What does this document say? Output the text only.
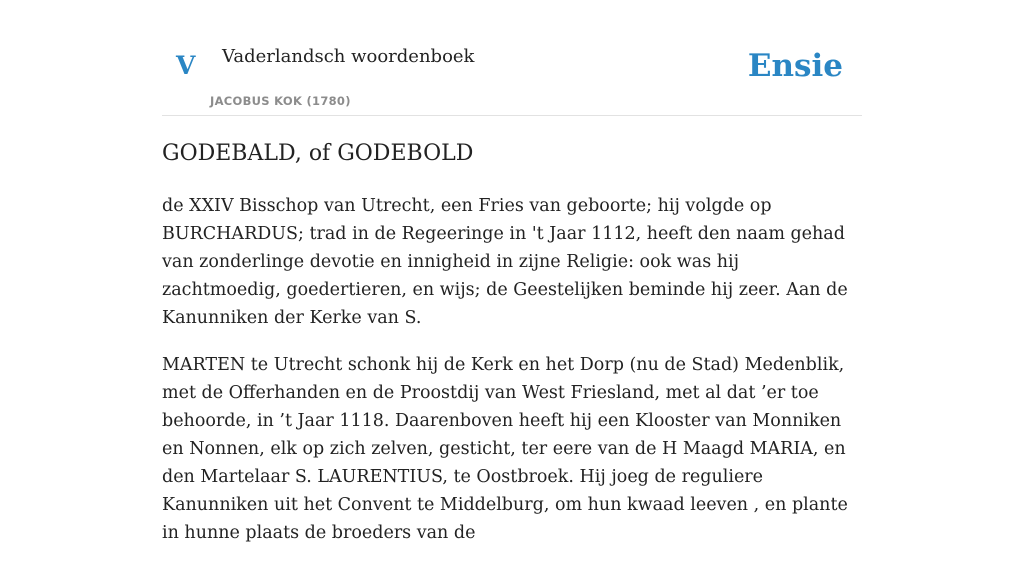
V Vaderlandsch woordenboek
JACOBUS KOK (1780)
Ensie
GODEBALD, of GODEBOLD

de XXIV Bisschop van Utrecht, een Fries van geboorte; hij volgde op BURCHARDUS; trad in de Regeeringe in 't Jaar 1112, heeft den naam gehad van zonderlinge devotie en innigheid in zijne Religie: ook was hij zachtmoedig, goedertieren, en wijs; de Geestelijken beminde hij zeer. Aan de Kanunniken der Kerke van S.

MARTEN te Utrecht schonk hij de Kerk en het Dorp (nu de Stad) Medenblik, met de Offerhanden en de Proostdij van West Friesland, met al dat ’er toe behoorde, in ’t Jaar 1118. Daarenboven heeft hij een Klooster van Monniken en Nonnen, elk op zich zelven, gesticht, ter eere van de H Maagd MARIA, en den Martelaar S. LAURENTIUS, te Oostbroek. Hij joeg de reguliere Kanunniken uit het Convent te Middelburg, om hun kwaad leeven , en plante in hunne plaats de broeders van de
